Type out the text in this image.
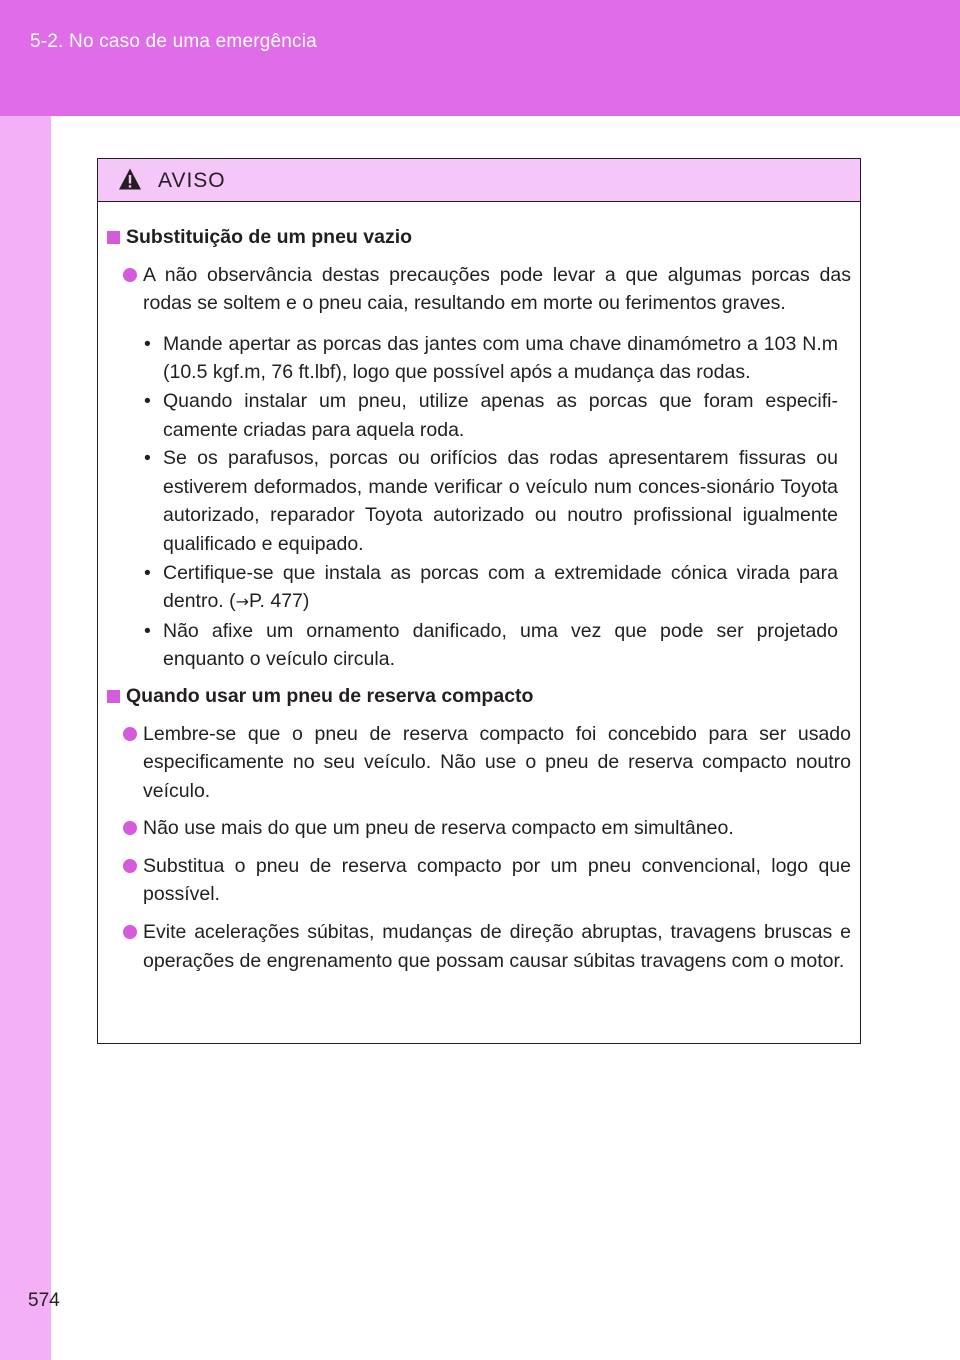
5-2. No caso de uma emergência
AVISO
Substituição de um pneu vazio
A não observância destas precauções pode levar a que algumas porcas das rodas se soltem e o pneu caia, resultando em morte ou ferimentos graves.
• Mande apertar as porcas das jantes com uma chave dinamómetro a 103 N.m (10.5 kgf.m, 76 ft.lbf), logo que possível após a mudança das rodas.
• Quando instalar um pneu, utilize apenas as porcas que foram especifi-camente criadas para aquela roda.
• Se os parafusos, porcas ou orifícios das rodas apresentarem fissuras ou estiverem deformados, mande verificar o veículo num conces-sionário Toyota autorizado, reparador Toyota autorizado ou noutro profissional igualmente qualificado e equipado.
• Certifique-se que instala as porcas com a extremidade cónica virada para dentro. (→P. 477)
• Não afixe um ornamento danificado, uma vez que pode ser projetado enquanto o veículo circula.
Quando usar um pneu de reserva compacto
Lembre-se que o pneu de reserva compacto foi concebido para ser usado especificamente no seu veículo. Não use o pneu de reserva compacto noutro veículo.
Não use mais do que um pneu de reserva compacto em simultâneo.
Substitua o pneu de reserva compacto por um pneu convencional, logo que possível.
Evite acelerações súbitas, mudanças de direção abruptas, travagens bruscas e operações de engrenamento que possam causar súbitas travagens com o motor.
574
